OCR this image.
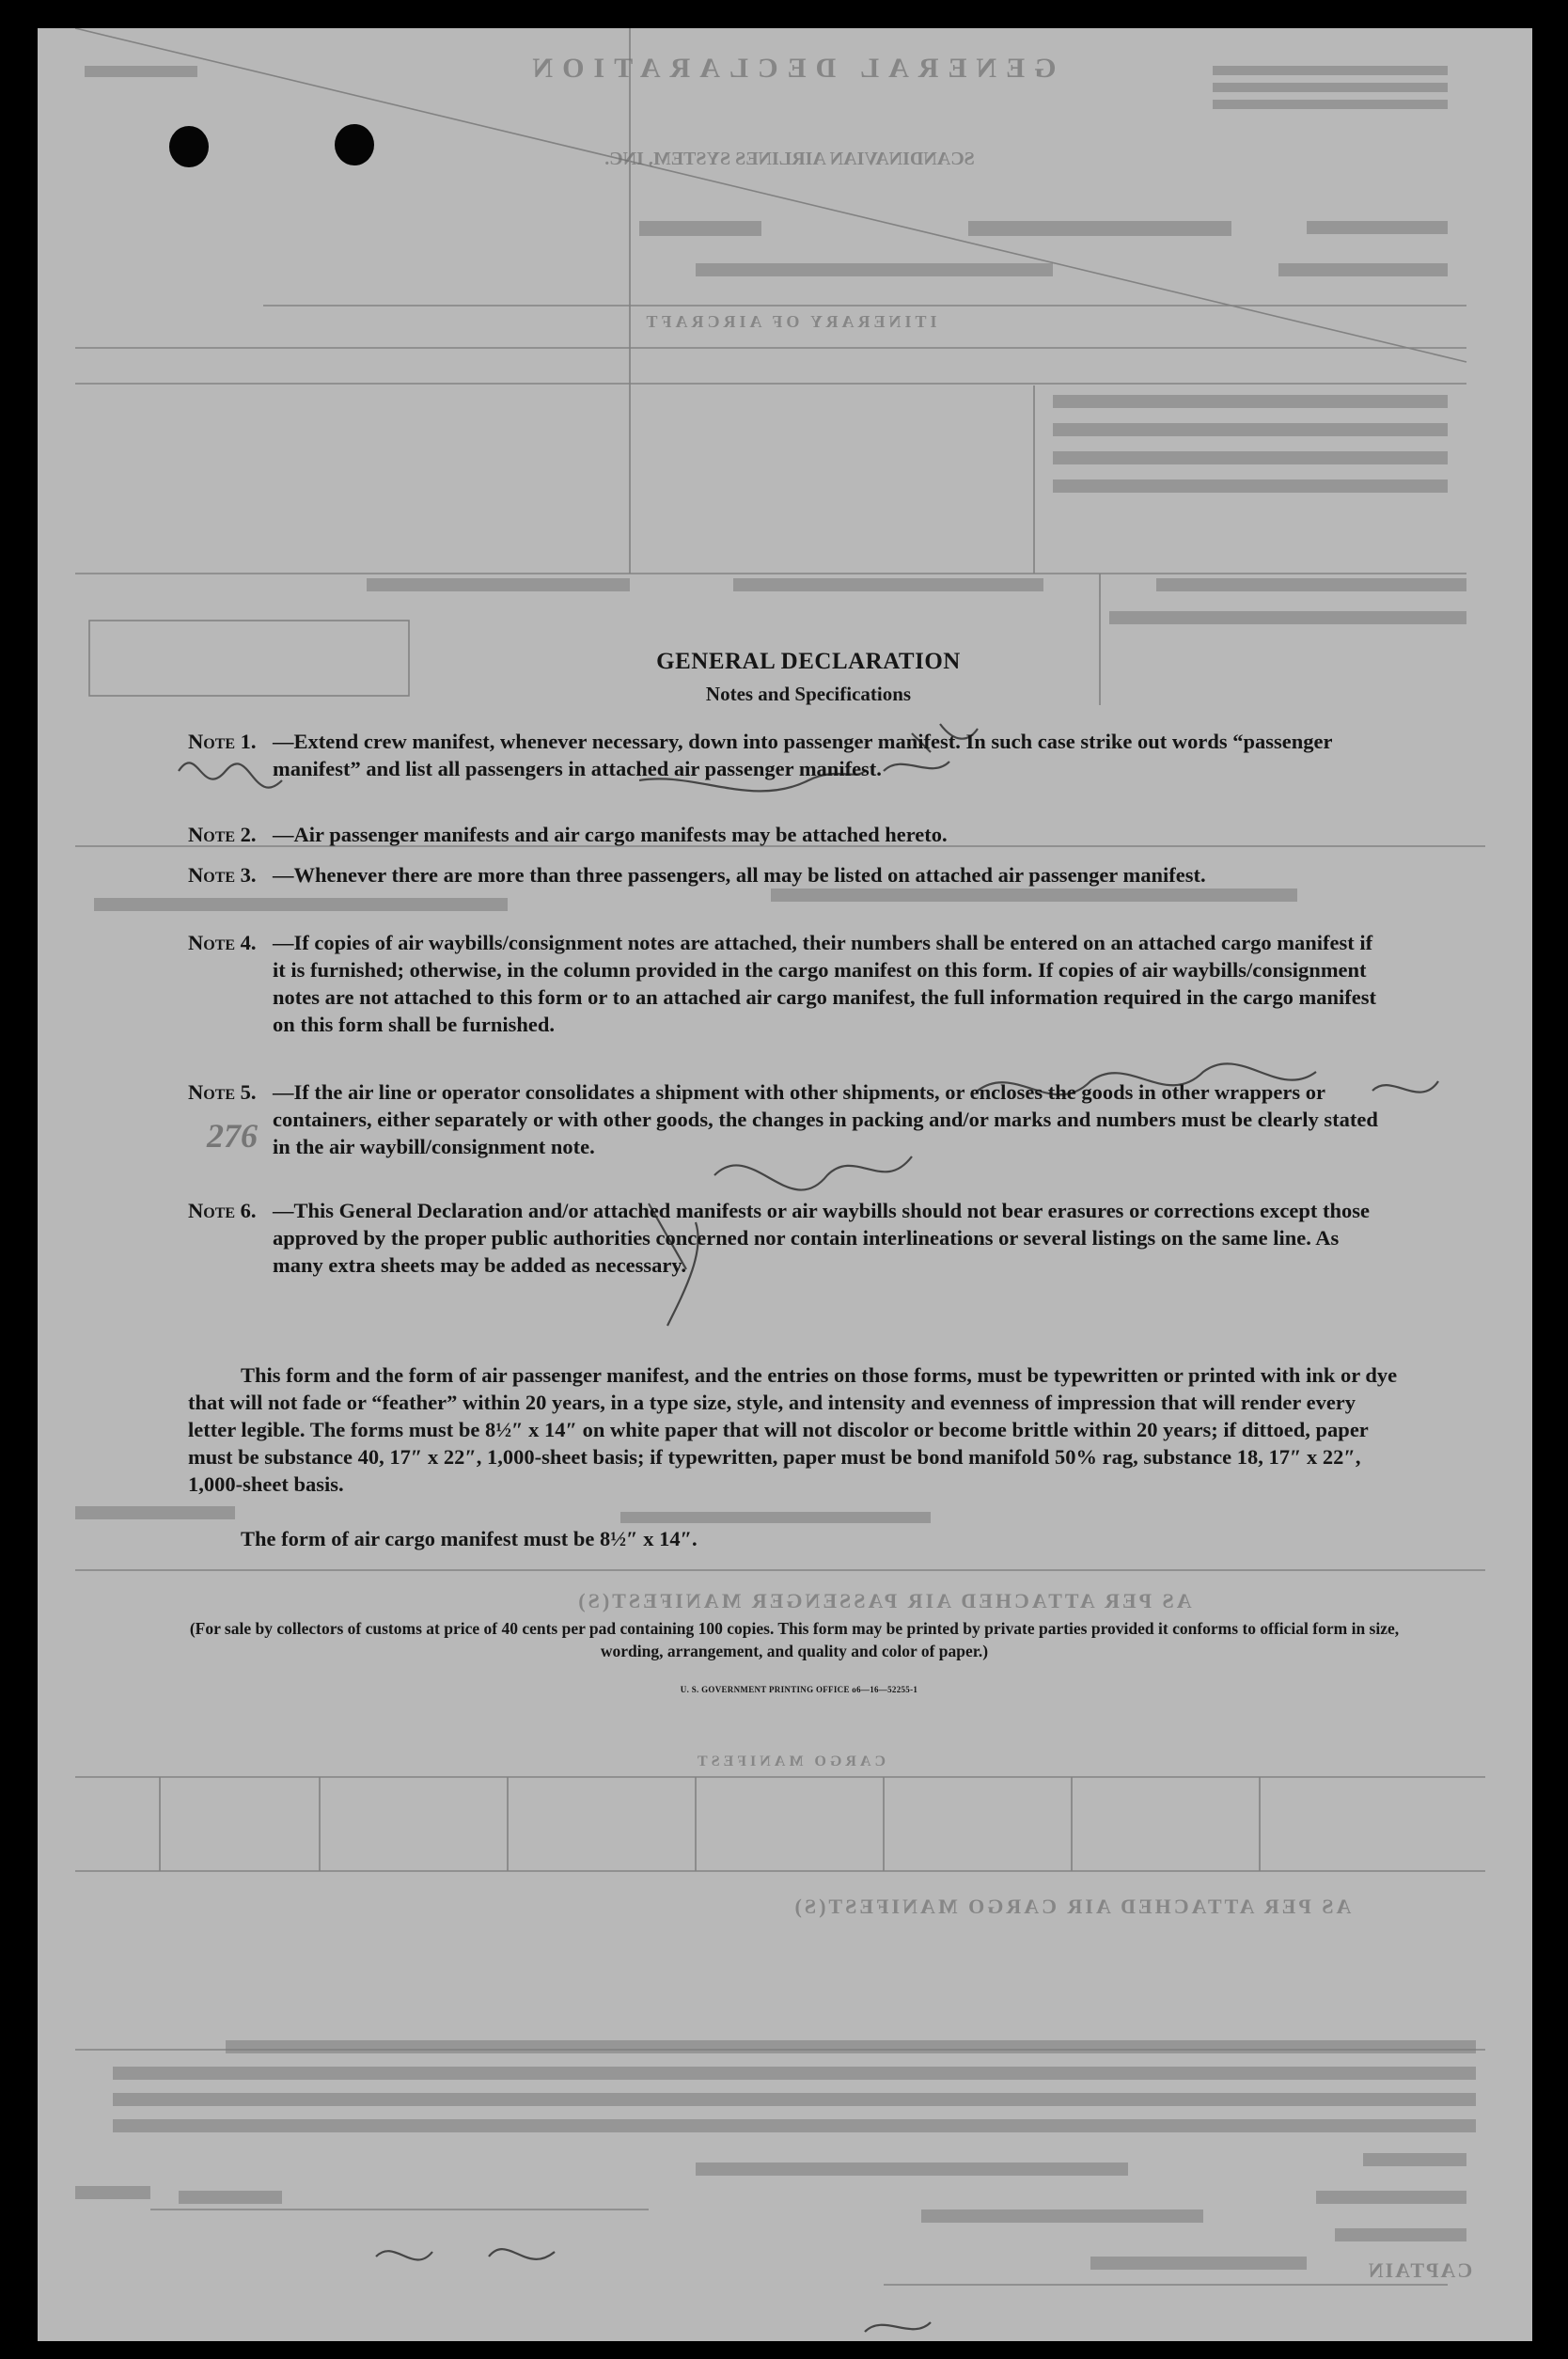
GENERAL DECLARATION
SCANDINAVIAN AIRLINES SYSTEM, INC.
ITINERARY OF AIRCRAFT
AS PER ATTACHED AIR PASSENGER MANIFEST(S)
CARGO MANIFEST
AS PER ATTACHED AIR CARGO MANIFEST(S)
CAPTAIN
276
GENERAL DECLARATION
Notes and Specifications
Note 1. —Extend crew manifest, whenever necessary, down into passenger manifest. In such case strike out words “passenger manifest” and list all passengers in attached air passenger manifest.
Note 2. —Air passenger manifests and air cargo manifests may be attached hereto.
Note 3. —Whenever there are more than three passengers, all may be listed on attached air passenger manifest.
Note 4. —If copies of air waybills/consignment notes are attached, their numbers shall be entered on an attached cargo manifest if it is furnished; otherwise, in the column provided in the cargo manifest on this form. If copies of air waybills/consignment notes are not attached to this form or to an attached air cargo manifest, the full information required in the cargo manifest on this form shall be furnished.
Note 5. —If the air line or operator consolidates a shipment with other shipments, or encloses the goods in other wrappers or containers, either separately or with other goods, the changes in packing and/or marks and numbers must be clearly stated in the air waybill/consignment note.
Note 6. —This General Declaration and/or attached manifests or air waybills should not bear erasures or corrections except those approved by the proper public authorities concerned nor contain interlineations or several listings on the same line. As many extra sheets may be added as necessary.
This form and the form of air passenger manifest, and the entries on those forms, must be typewritten or printed with ink or dye that will not fade or “feather” within 20 years, in a type size, style, and intensity and evenness of impression that will render every letter legible. The forms must be 8½″ x 14″ on white paper that will not discolor or become brittle within 20 years; if dittoed, paper must be substance 40, 17″ x 22″, 1,000-sheet basis; if typewritten, paper must be bond manifold 50% rag, substance 18, 17″ x 22″, 1,000-sheet basis.
The form of air cargo manifest must be 8½″ x 14″.
(For sale by collectors of customs at price of 40 cents per pad containing 100 copies. This form may be printed by private parties provided it conforms to official form in size, wording, arrangement, and quality and color of paper.)
U. S. GOVERNMENT PRINTING OFFICE o6—16—52255-1
